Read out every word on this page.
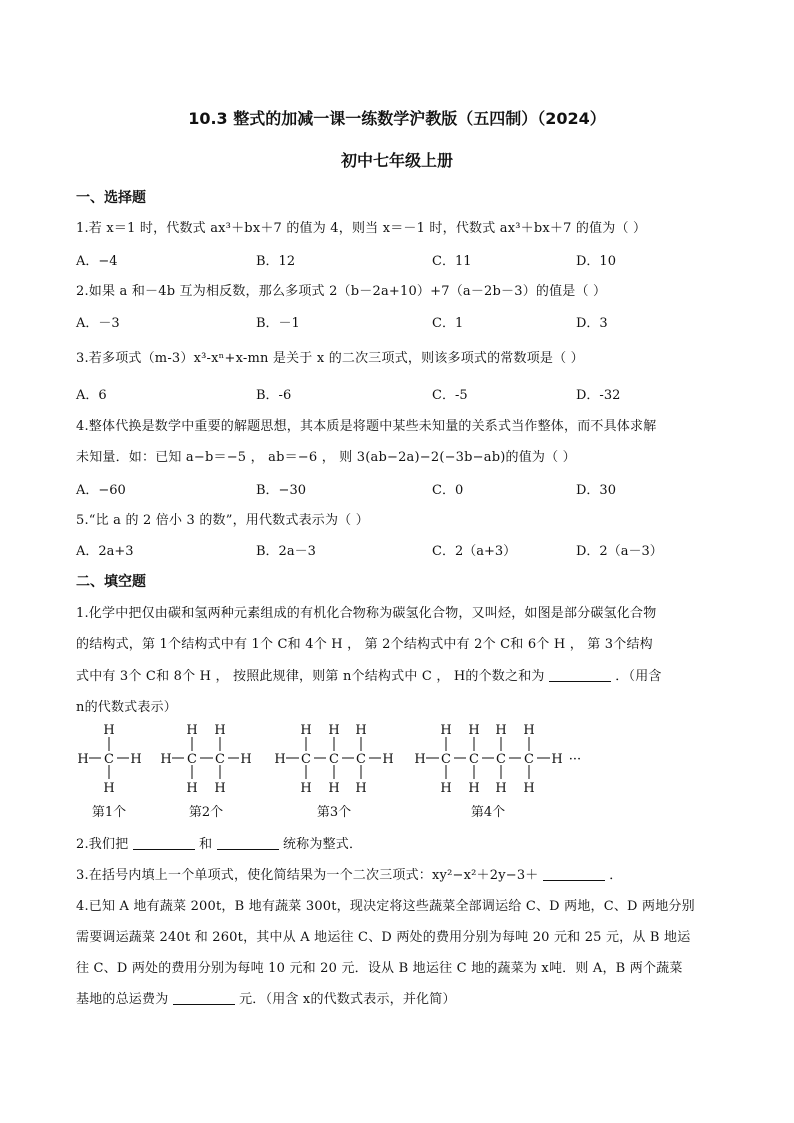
10.3 整式的加减一课一练数学沪教版（五四制）（2024）
初中七年级上册
一、选择题
1.若 x＝1 时，代数式 ax³＋bx＋7 的值为 4，则当 x＝－1 时，代数式 ax³＋bx＋7 的值为（ ）
A．−4	B．12	C．11	D．10
2.如果 a 和－4b 互为相反数，那么多项式 2（b－2a+10）+7（a－2b－3）的值是（ ）
A．－3	B．－1	C．1	D．3
3.若多项式（m-3）x³-xⁿ+x-mn 是关于 x 的二次三项式，则该多项式的常数项是（ ）
A．6	B．-6	C．-5	D．-32
4.整体代换是数学中重要的解题思想，其本质是将题中某些未知量的关系式当作整体，而不具体求解
未知量．如：已知 a−b＝−5 ， ab＝−6 ， 则 3(ab−2a)−2(−3b−ab)的值为（ ）
A．−60	B．−30	C．0	D．30
5.“比 a 的 2 倍小 3 的数”，用代数式表示为（ ）
A．2a+3	B．2a－3	C．2（a+3）	D．2（a－3）
二、填空题
1.化学中把仅由碳和氢两种元素组成的有机化合物称为碳氢化合物，又叫烃，如图是部分碳氢化合物
的结构式，第 1个结构式中有 1个 C和 4个 H ， 第 2个结构式中有 2个 C和 6个 H ， 第 3个结构
式中有 3个 C和 8个 H ， 按照此规律，则第 n个结构式中 C ， H的个数之和为	．（用含
n的代数式表示）
H
H C H
H
H H
H C C H
H H
H H H
H C C C H
H H H
H H H H
H C C C C H
H H H H
···
第1个	第2个	第3个	第4个
2.我们把	和	统称为整式．
3.在括号内填上一个单项式，使化简结果为一个二次三项式：xy²−x²＋2y−3＋	．
4.已知 A 地有蔬菜 200t，B 地有蔬菜 300t，现决定将这些蔬菜全部调运给 C、D 两地，C、D 两地分别
需要调运蔬菜 240t 和 260t，其中从 A 地运往 C、D 两处的费用分别为每吨 20 元和 25 元，从 B 地运
往 C、D 两处的费用分别为每吨 10 元和 20 元．设从 B 地运往 C 地的蔬菜为 x吨．则 A，B 两个蔬菜
基地的总运费为	元．（用含 x的代数式表示，并化简）
